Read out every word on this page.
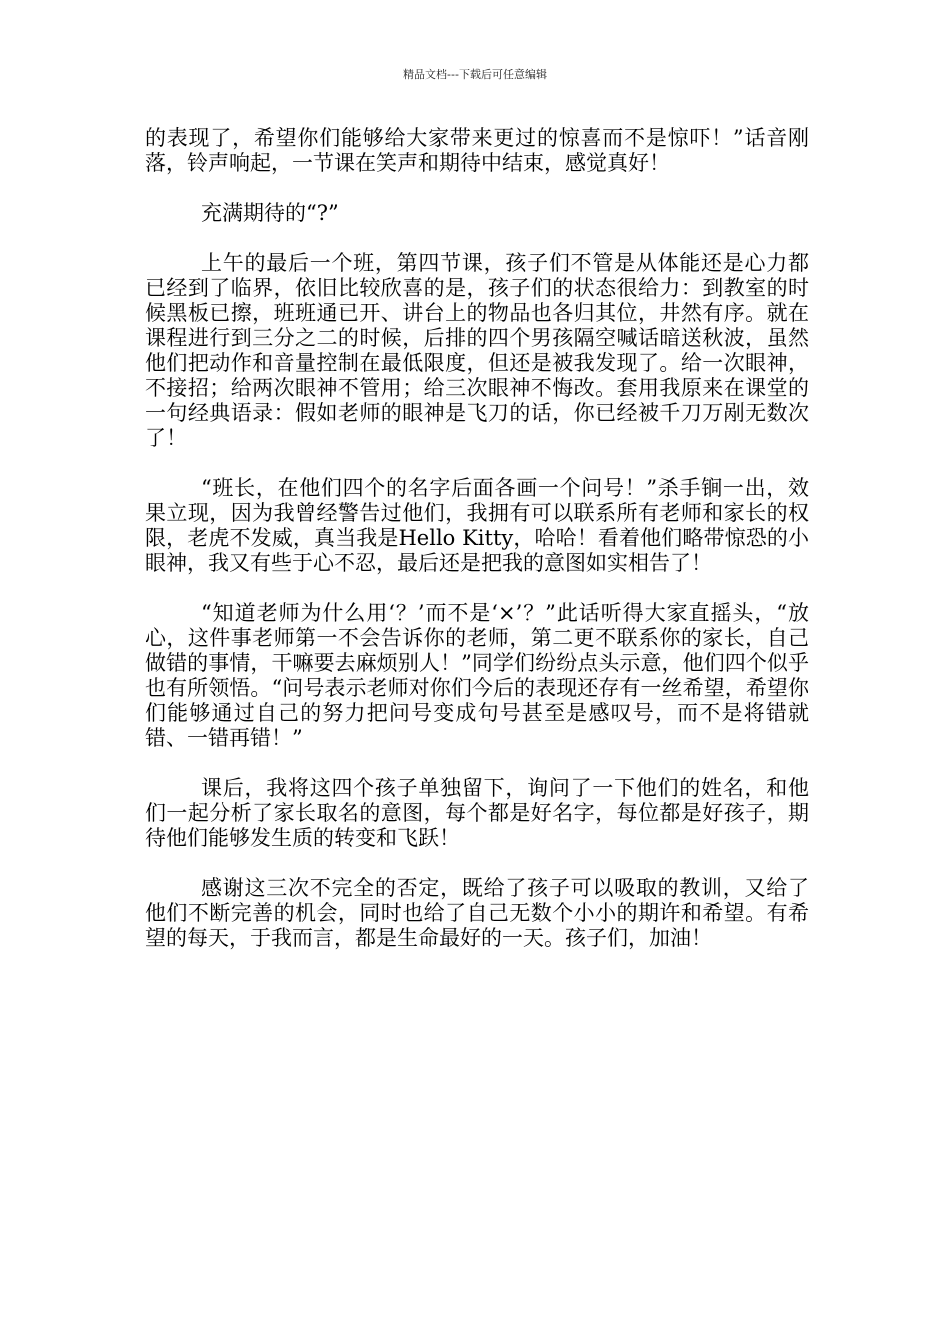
精品文档---下载后可任意编辑

的表现了，希望你们能够给大家带来更过的惊喜而不是惊吓！”话音刚落，铃声响起，一节课在笑声和期待中结束，感觉真好！

充满期待的“?”

上午的最后一个班，第四节课，孩子们不管是从体能还是心力都已经到了临界，依旧比较欣喜的是，孩子们的状态很给力：到教室的时候黑板已擦，班班通已开、讲台上的物品也各归其位，井然有序。就在课程进行到三分之二的时候，后排的四个男孩隔空喊话暗送秋波，虽然他们把动作和音量控制在最低限度，但还是被我发现了。给一次眼神，不接招；给两次眼神不管用；给三次眼神不悔改。套用我原来在课堂的一句经典语录：假如老师的眼神是飞刀的话，你已经被千刀万剐无数次了！

“班长，在他们四个的名字后面各画一个问号！”杀手锏一出，效果立现，因为我曾经警告过他们，我拥有可以联系所有老师和家长的权限，老虎不发威，真当我是Hello Kitty，哈哈！看着他们略带惊恐的小眼神，我又有些于心不忍，最后还是把我的意图如实相告了！

“知道老师为什么用‘？’而不是‘×’？”此话听得大家直摇头，“放心，这件事老师第一不会告诉你的老师，第二更不联系你的家长，自己做错的事情，干嘛要去麻烦别人！”同学们纷纷点头示意，他们四个似乎也有所领悟。“问号表示老师对你们今后的表现还存有一丝希望，希望你们能够通过自己的努力把问号变成句号甚至是感叹号，而不是将错就错、一错再错！”

课后，我将这四个孩子单独留下，询问了一下他们的姓名，和他们一起分析了家长取名的意图，每个都是好名字，每位都是好孩子，期待他们能够发生质的转变和飞跃！

感谢这三次不完全的否定，既给了孩子可以吸取的教训，又给了他们不断完善的机会，同时也给了自己无数个小小的期许和希望。有希望的每天，于我而言，都是生命最好的一天。孩子们，加油！
